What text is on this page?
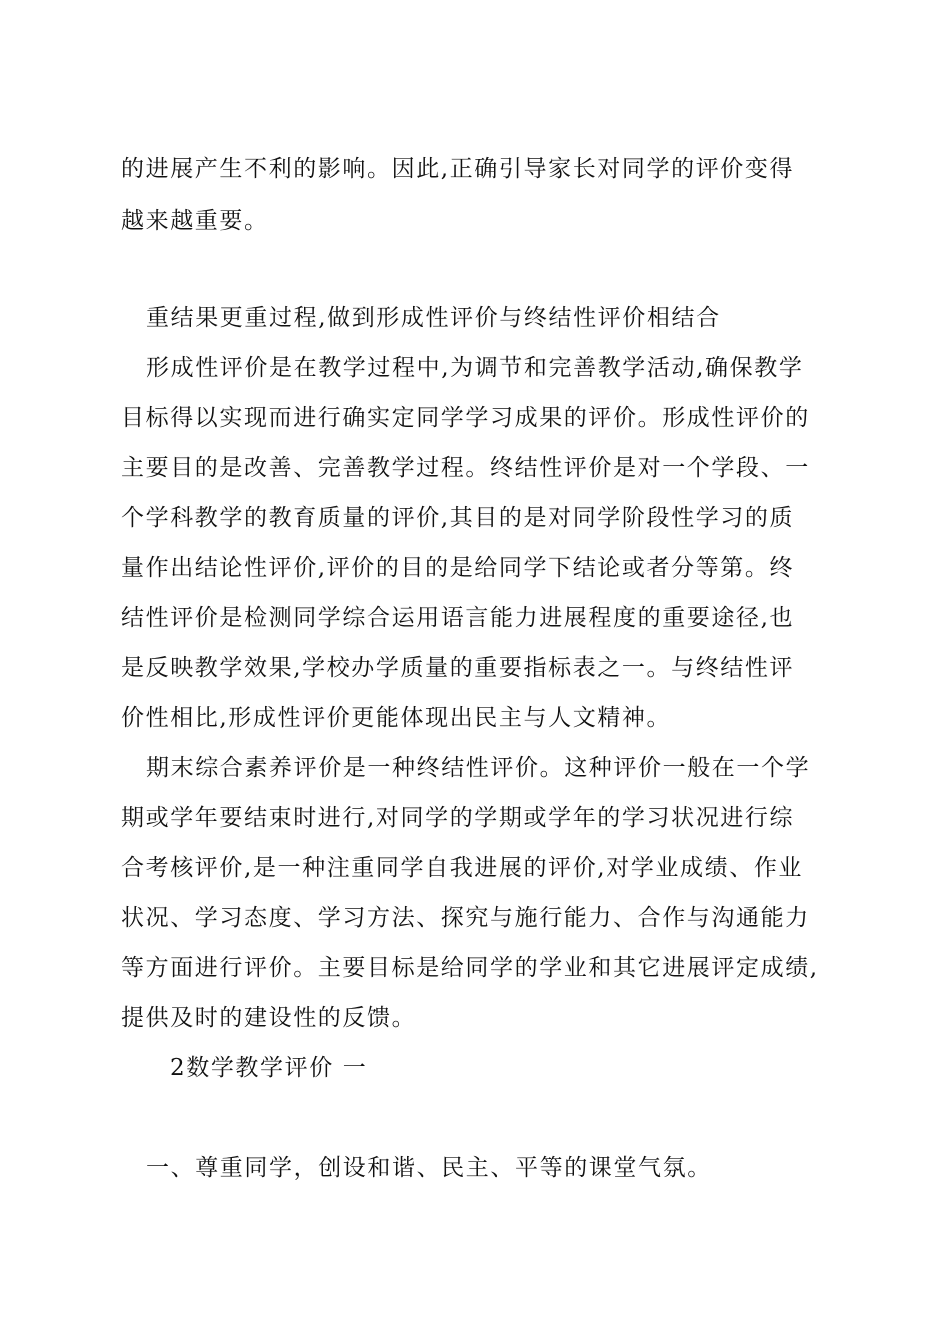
的进展产生不利的影响。因此,正确引导家长对同学的评价变得
越来越重要。
重结果更重过程,做到形成性评价与终结性评价相结合
形成性评价是在教学过程中,为调节和完善教学活动,确保教学
目标得以实现而进行确实定同学学习成果的评价。形成性评价的
主要目的是改善、完善教学过程。终结性评价是对一个学段、一
个学科教学的教育质量的评价,其目的是对同学阶段性学习的质
量作出结论性评价,评价的目的是给同学下结论或者分等第。终
结性评价是检测同学综合运用语言能力进展程度的重要途径,也
是反映教学效果,学校办学质量的重要指标表之一。与终结性评
价性相比,形成性评价更能体现出民主与人文精神。
期末综合素养评价是一种终结性评价。这种评价一般在一个学
期或学年要结束时进行,对同学的学期或学年的学习状况进行综
合考核评价,是一种注重同学自我进展的评价,对学业成绩、作业
状况、学习态度、学习方法、探究与施行能力、合作与沟通能力
等方面进行评价。主要目标是给同学的学业和其它进展评定成绩,
提供及时的建设性的反馈。
2数学教学评价 一
一、尊重同学，创设和谐、民主、平等的课堂气氛。
